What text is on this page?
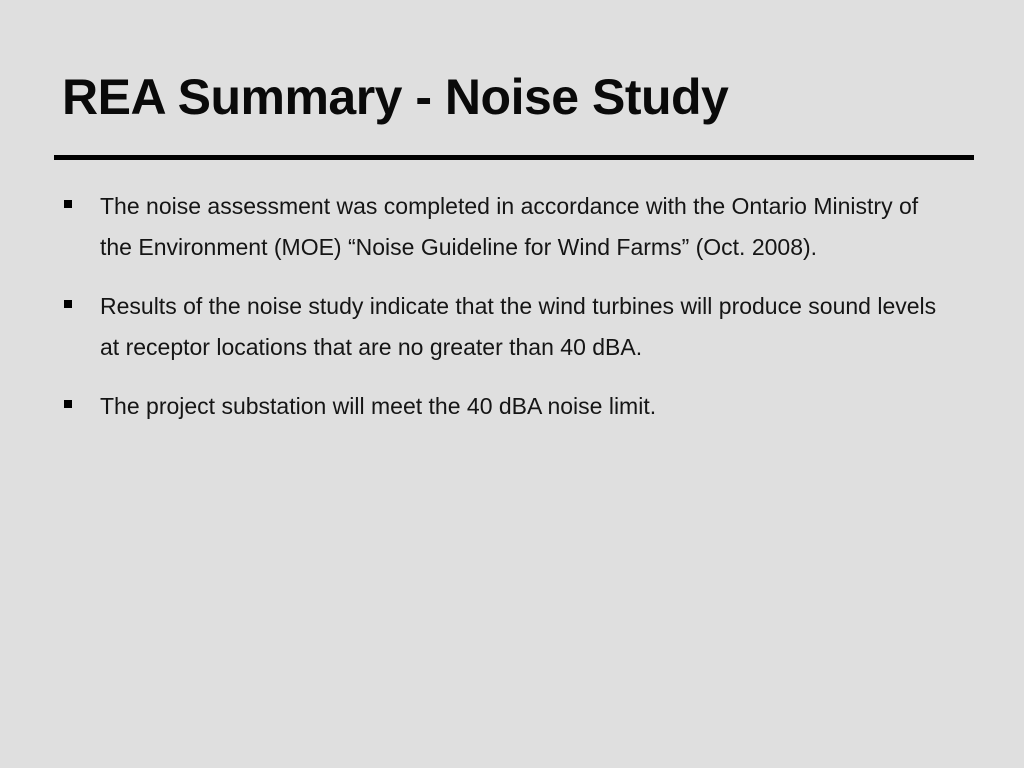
REA Summary - Noise Study
The noise assessment was completed in accordance with the Ontario Ministry of the Environment (MOE) “Noise Guideline for Wind Farms” (Oct. 2008).
Results of the noise study indicate that the wind turbines will produce sound levels at receptor locations that are no greater than 40 dBA.
The project substation will meet the 40 dBA noise limit.
